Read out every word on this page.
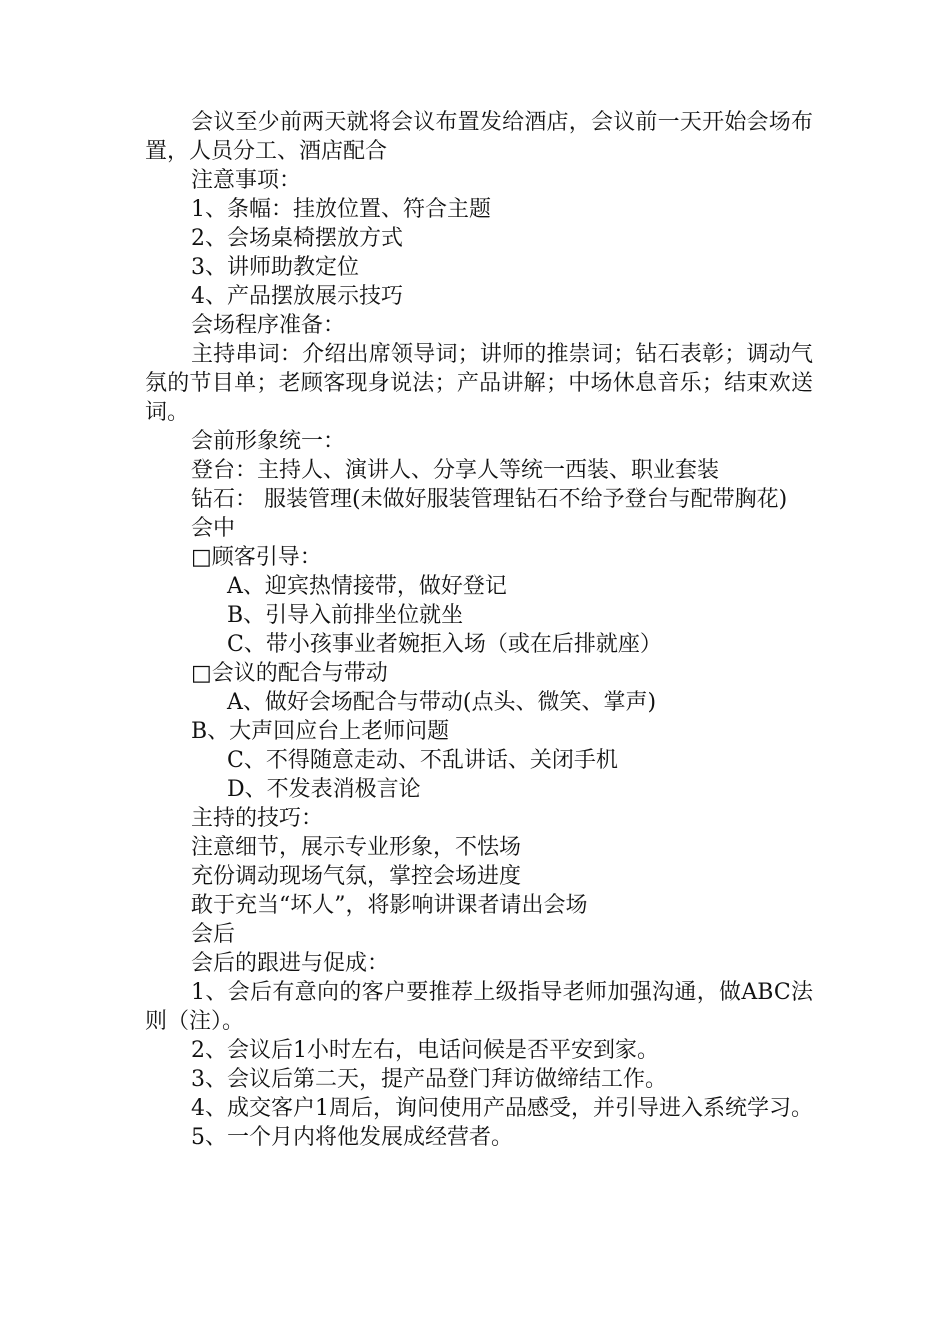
会议至少前两天就将会议布置发给酒店，会议前一天开始会场布置，人员分工、酒店配合

注意事项：

1、条幅：挂放位置、符合主题

2、会场桌椅摆放方式

3、讲师助教定位

4、产品摆放展示技巧

会场程序准备：

主持串词：介绍出席领导词；讲师的推崇词；钻石表彰；调动气氛的节目单；老顾客现身说法；产品讲解；中场休息音乐；结束欢送词。

会前形象统一：

登台：主持人、演讲人、分享人等统一西装、职业套装

钻石： 服装管理(未做好服装管理钻石不给予登台与配带胸花)

会中

□顾客引导：

A、迎宾热情接带，做好登记

B、引导入前排坐位就坐

C、带小孩事业者婉拒入场（或在后排就座）

□会议的配合与带动

A、做好会场配合与带动(点头、微笑、掌声)

B、大声回应台上老师问题

C、不得随意走动、不乱讲话、关闭手机

D、不发表消极言论

主持的技巧：

注意细节，展示专业形象，不怯场

充份调动现场气氛，掌控会场进度

敢于充当“坏人”，将影响讲课者请出会场

会后

会后的跟进与促成：

1、会后有意向的客户要推荐上级指导老师加强沟通，做ABC法则（注）。

2、会议后1小时左右，电话问候是否平安到家。

3、会议后第二天，提产品登门拜访做缔结工作。

4、成交客户1周后，询问使用产品感受，并引导进入系统学习。

5、一个月内将他发展成经营者。
